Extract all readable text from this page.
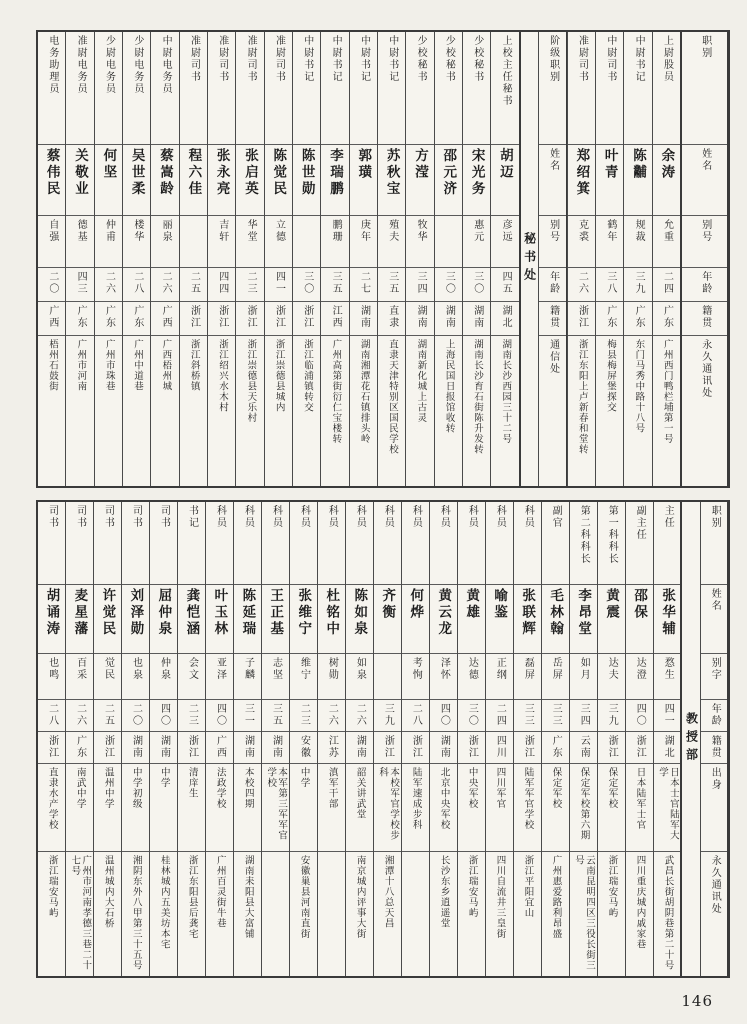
职别
姓名
别号
年龄
籍贯
永久通讯处
上尉股员
余涛
允重
二四
广东
广州西门鸭栏埔第一号
中尉书记
陈黼
规裁
三九
广东
东门马秀中路十八号
中尉司书
叶青
鹤年
三八
广东
梅县梅屏堡探交
准尉司书
郑绍箕
克裘
二六
浙江
浙江东阳上卢新春和堂转
阶级职别
姓名
别号
年龄
籍贯
通信处
秘书处
上校主任秘书
胡迈
彦远
四五
湖北
湖南长沙西园三十二号
少校秘书
宋光务
惠元
三〇
湖南
湖南长沙育石街陈升发转
少校秘书
邵元济
三〇
湖南
上海民国日报馆收转
少校秘书
方滢
牧华
三四
湖南
湖南新化城上古灵
中尉书记
苏秋宝
殖夫
三五
直隶
直隶天津特别区国民学校
中尉书记
郭璜
庚年
二七
湖南
湖南湘潭花石镇排头岭
中尉书记
李瑞鹏
鹏珊
三五
江西
广州高第街衍仁宝楼转
中尉书记
陈世勋
三〇
浙江
浙江临浦镇转交
准尉司书
陈觉民
立德
四一
浙江
浙江崇德县城内
准尉司书
张启英
华堂
二三
浙江
浙江崇德县天乐村
准尉司书
张永亮
吉轩
四四
浙江
浙江绍兴水木村
准尉司书
程六佳
二五
浙江
浙江斜桥镇
中尉电务员
蔡嵩龄
丽泉
二六
广西
广西梧州城
少尉电务员
吴世柔
楼华
二八
广东
广州中道巷
少尉电务员
何坚
仲甫
二六
广东
广州市珠巷
准尉电务员
关敬业
德基
四三
广东
广州市河南
电务助理员
蔡伟民
自强
二〇
广西
梧州石鼓街
职别
姓名
别字
年龄
籍贯
出身
永久通讯处
教授部
主任
张华辅
愗生
四一
湖北
日本士官陆军大学
武昌长街胡阴巷第二十号
副主任
邵保
达澄
四〇
浙江
日本陆军士官
四川重庆城内戚家巷
第一科科长
黄震
达夫
三九
浙江
保定军校
浙江瑞安马屿
第二科科长
李昂堂
如月
三四
云南
保定军校第六期
云南昆明四区三役长街三号
副官
毛林翰
岳屏
三三
广东
保定军校
广州惠爱路利昂盛
科员
张联辉
磊屏
三三
浙江
陆军军官学校
浙江平阳宜山
科员
喻鉴
正纲
二四
四川
四川军官
四川自流井三皇街
科员
黄雄
达德
三〇
浙江
中央军校
浙江瑞安马屿
科员
黄云龙
泽怀
四〇
湖南
北京中央军校
长沙东乡逍遥堂
科员
何烨
考恂
二八
浙江
陆军速成步科
科员
齐衡
三九
浙江
本校军官学校步科
湘潭十八总天昌
科员
陈如泉
如泉
二六
湖南
韶关讲武堂
南京城内评事大街
科员
杜铭中
树勋
二六
江苏
滇军干部
科员
张维宁
维宁
二三
安徽
中学
安徽巢县河南直街
科员
王正基
志坚
三五
湖南
本军第三军军官学校
科员
陈延瑞
子麟
三一
湖南
本校四期
湖南耒阳县大富铺
科员
叶玉林
亚泽
四〇
广西
法政学校
广州百灵街牛巷
书记
龚恺涵
会文
二三
浙江
清庠生
浙江东阳县后龚宅
司书
屈仲泉
仲泉
四〇
湖南
中学
桂林城内五美坊本宅
司书
刘泽勋
也泉
二〇
湖南
中学初级
湘阴东外八甲第三十五号
司书
许觉民
觉民
二五
浙江
温州中学
温州城内大石桥
司书
麦星藩
百采
二六
广东
南武中学
广州市河南孝德三巷二十七号
司书
胡诵涛
也鸣
二八
浙江
直隶水产学校
浙江瑞安马屿
146
